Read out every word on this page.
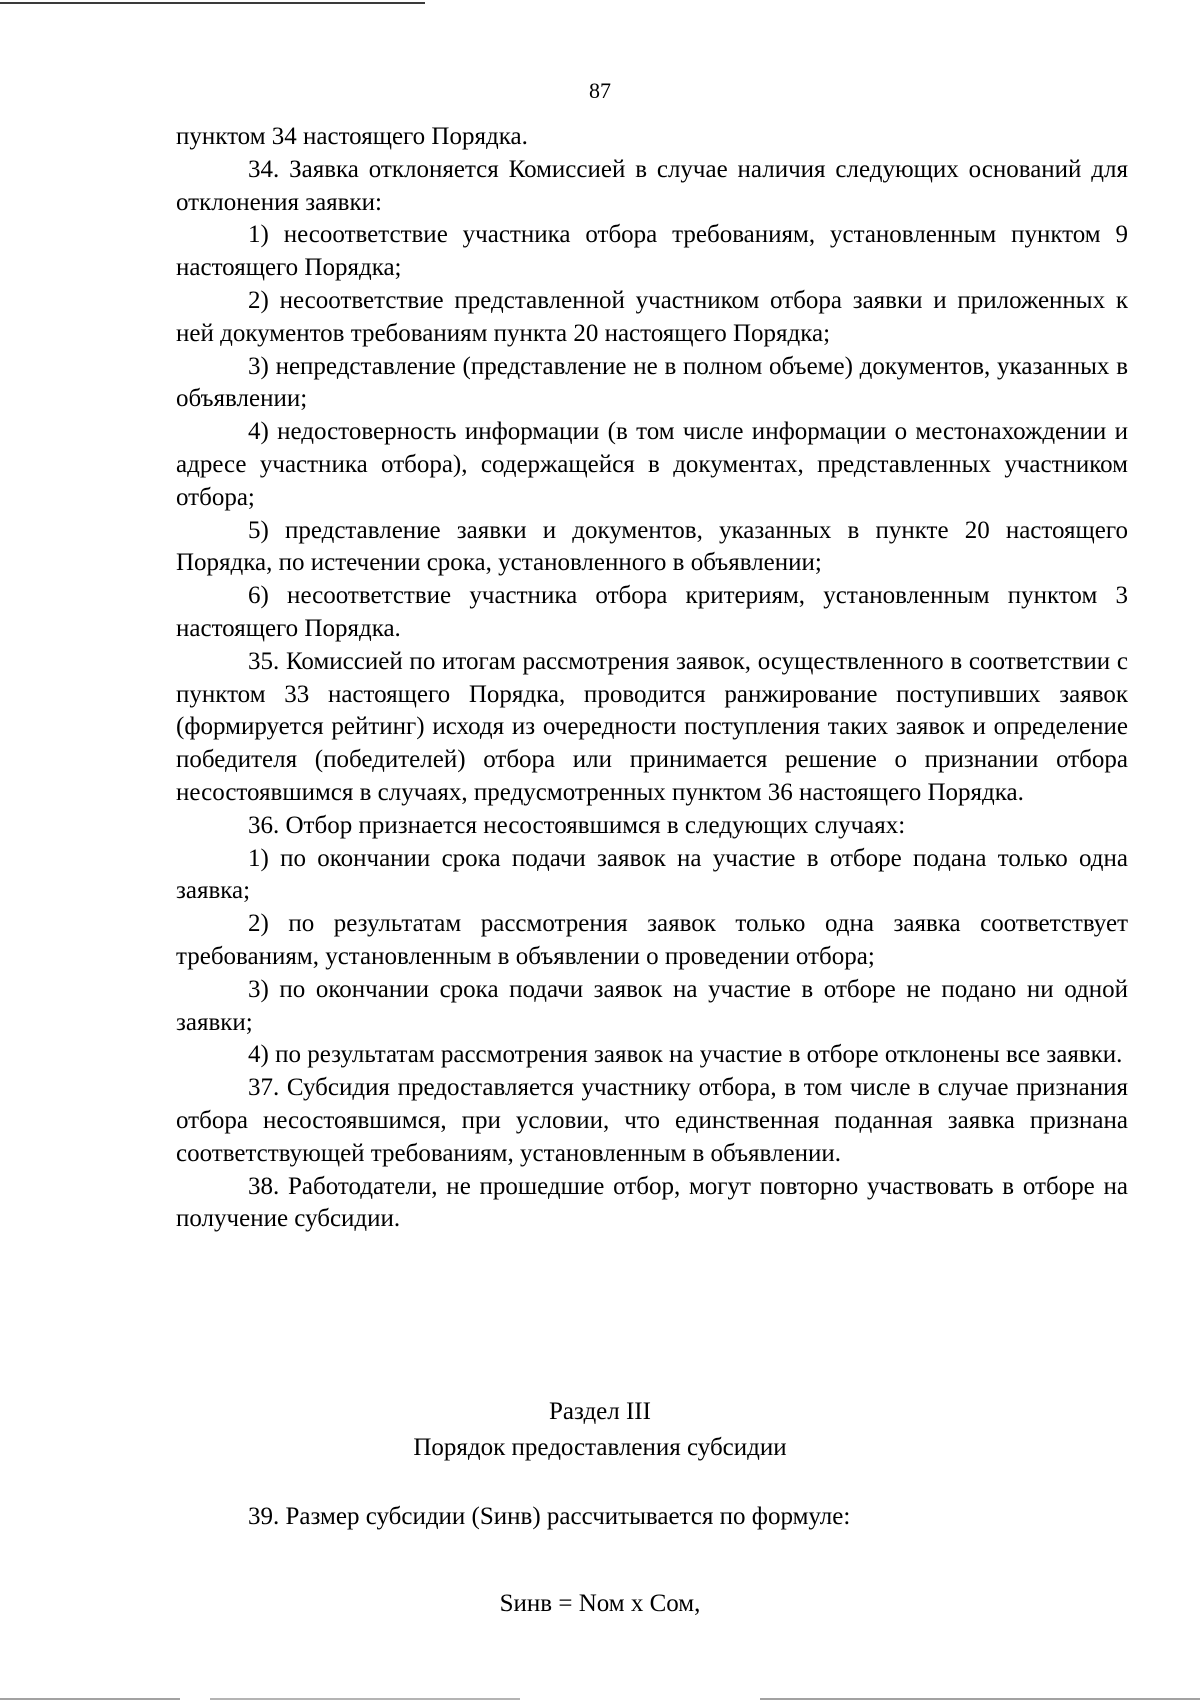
87

пунктом 34 настоящего Порядка.

34. Заявка отклоняется Комиссией в случае наличия следующих оснований для отклонения заявки:

1) несоответствие участника отбора требованиям, установленным пунктом 9 настоящего Порядка;

2) несоответствие представленной участником отбора заявки и приложенных к ней документов требованиям пункта 20 настоящего Порядка;

3) непредставление (представление не в полном объеме) документов, указанных в объявлении;

4) недостоверность информации (в том числе информации о местонахождении и адресе участника отбора), содержащейся в документах, представленных участником отбора;

5) представление заявки и документов, указанных в пункте 20 настоящего Порядка, по истечении срока, установленного в объявлении;

6) несоответствие участника отбора критериям, установленным пунктом 3 настоящего Порядка.

35. Комиссией по итогам рассмотрения заявок, осуществленного в соответствии с пунктом 33 настоящего Порядка, проводится ранжирование поступивших заявок (формируется рейтинг) исходя из очередности поступления таких заявок и определение победителя (победителей) отбора или принимается решение о признании отбора несостоявшимся в случаях, предусмотренных пунктом 36 настоящего Порядка.

36. Отбор признается несостоявшимся в следующих случаях:

1) по окончании срока подачи заявок на участие в отборе подана только одна заявка;

2) по результатам рассмотрения заявок только одна заявка соответствует требованиям, установленным в объявлении о проведении отбора;

3) по окончании срока подачи заявок на участие в отборе не подано ни одной заявки;

4) по результатам рассмотрения заявок на участие в отборе отклонены все заявки.

37. Субсидия предоставляется участнику отбора, в том числе в случае признания отбора несостоявшимся, при условии, что единственная поданная заявка признана соответствующей требованиям, установленным в объявлении.

38. Работодатели, не прошедшие отбор, могут повторно участвовать в отборе на получение субсидии.

Раздел III

Порядок предоставления субсидии

39. Размер субсидии (Sинв) рассчитывается по формуле:

Sинв = Nом x Cом,
